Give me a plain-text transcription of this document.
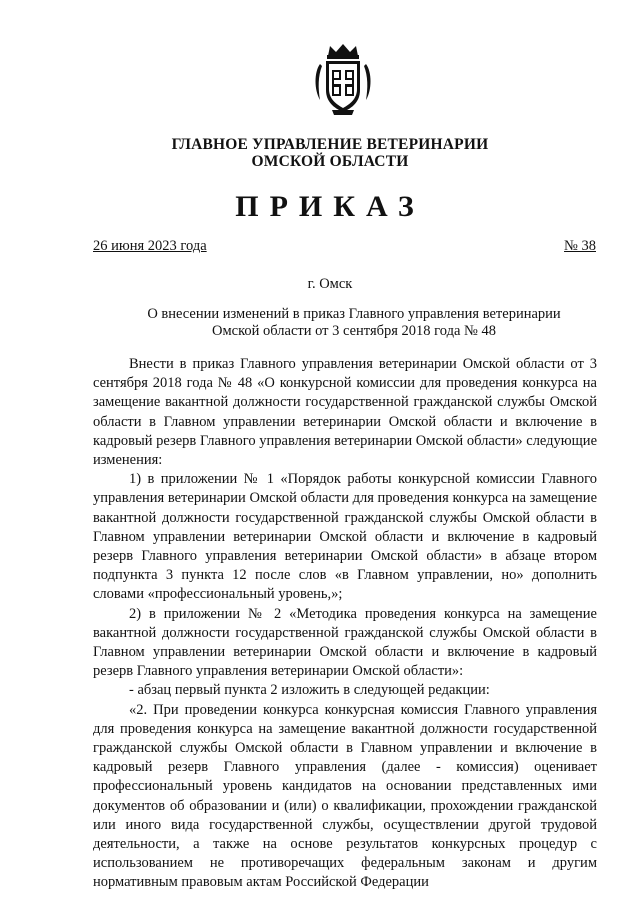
ГЛАВНОЕ УПРАВЛЕНИЕ ВЕТЕРИНАРИИ
ОМСКОЙ ОБЛАСТИ
ПРИКАЗ
26 июня 2023 года	№ 38
г. Омск
О внесении изменений в приказ Главного управления ветеринарии Омской области от 3 сентября 2018 года № 48

Внести в приказ Главного управления ветеринарии Омской области от 3 сентября 2018 года № 48 «О конкурсной комиссии для проведения конкурса на замещение вакантной должности государственной гражданской службы Омской области в Главном управлении ветеринарии Омской области и включение в кадровый резерв Главного управления ветеринарии Омской области» следующие изменения:

1) в приложении № 1 «Порядок работы конкурсной комиссии Главного управления ветеринарии Омской области для проведения конкурса на замещение вакантной должности государственной гражданской службы Омской области в Главном управлении ветеринарии Омской области и включение в кадровый резерв Главного управления ветеринарии Омской области» в абзаце втором подпункта 3 пункта 12 после слов «в Главном управлении, но» дополнить словами «профессиональный уровень,»;

2) в приложении № 2 «Методика проведения конкурса на замещение вакантной должности государственной гражданской службы Омской области в Главном управлении ветеринарии Омской области и включение в кадровый резерв Главного управления ветеринарии Омской области»:

- абзац первый пункта 2 изложить в следующей редакции:

«2. При проведении конкурса конкурсная комиссия Главного управления для проведения конкурса на замещение вакантной должности государственной гражданской службы Омской области в Главном управлении и включение в кадровый резерв Главного управления (далее - комиссия) оценивает профессиональный уровень кандидатов на основании представленных ими документов об образовании и (или) о квалификации, прохождении гражданской или иного вида государственной службы, осуществлении другой трудовой деятельности, а также на основе результатов конкурсных процедур с использованием не противоречащих федеральным законам и другим нормативным правовым актам Российской Федерации
